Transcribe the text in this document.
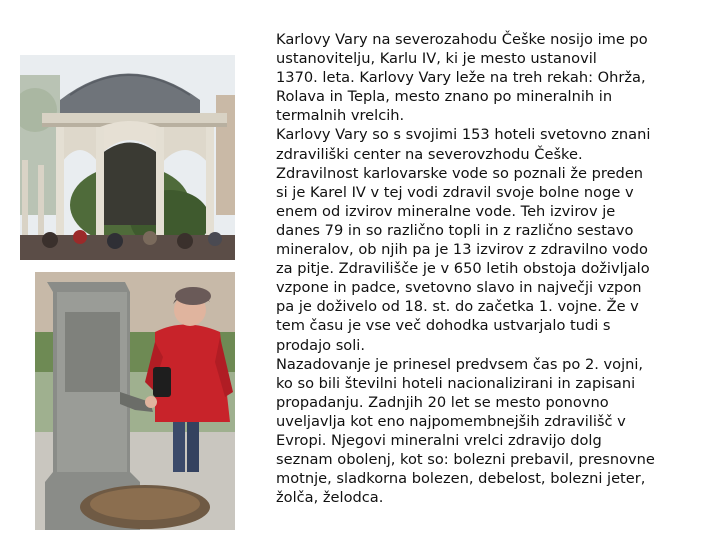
Karlovy Vary na severozahodu Češke nosijo ime po
ustanovitelju, Karlu IV, ki je mesto ustanovil
1370. leta. Karlovy Vary leže na treh rekah: Ohrža,
Rolava in Tepla, mesto znano po mineralnih in
termalnih vrelcih.

Karlovy Vary so s svojimi 153 hoteli svetovno znani
zdraviliški center na severovzhodu Češke.
Zdravilnost karlovarske vode so poznali že preden
si je Karel IV v tej vodi zdravil svoje bolne noge v
enem od izvirov mineralne vode. Teh izvirov je
danes 79 in so različno topli in z različno sestavo
mineralov, ob njih pa je 13 izvirov z zdravilno vodo
za pitje. Zdravilišče je v 650 letih obstoja doživljalo
vzpone in padce, svetovno slavo in največji vzpon
pa je doživelo od 18. st. do začetka 1. vojne. Že v
tem času je vse več dohodka ustvarjalo tudi s
prodajo soli.

Nazadovanje je prinesel predvsem čas po 2. vojni,
ko so bili številni hoteli nacionalizirani in zapisani
propadanju. Zadnjih 20 let se mesto ponovno
uveljavlja kot eno najpomembnejših zdravilišč v
Evropi. Njegovi mineralni vrelci zdravijo dolg
seznam obolenj, kot so: bolezni prebavil, presnovne
motnje, sladkorna bolezen, debelost, bolezni jeter,
žolča, želodca.
